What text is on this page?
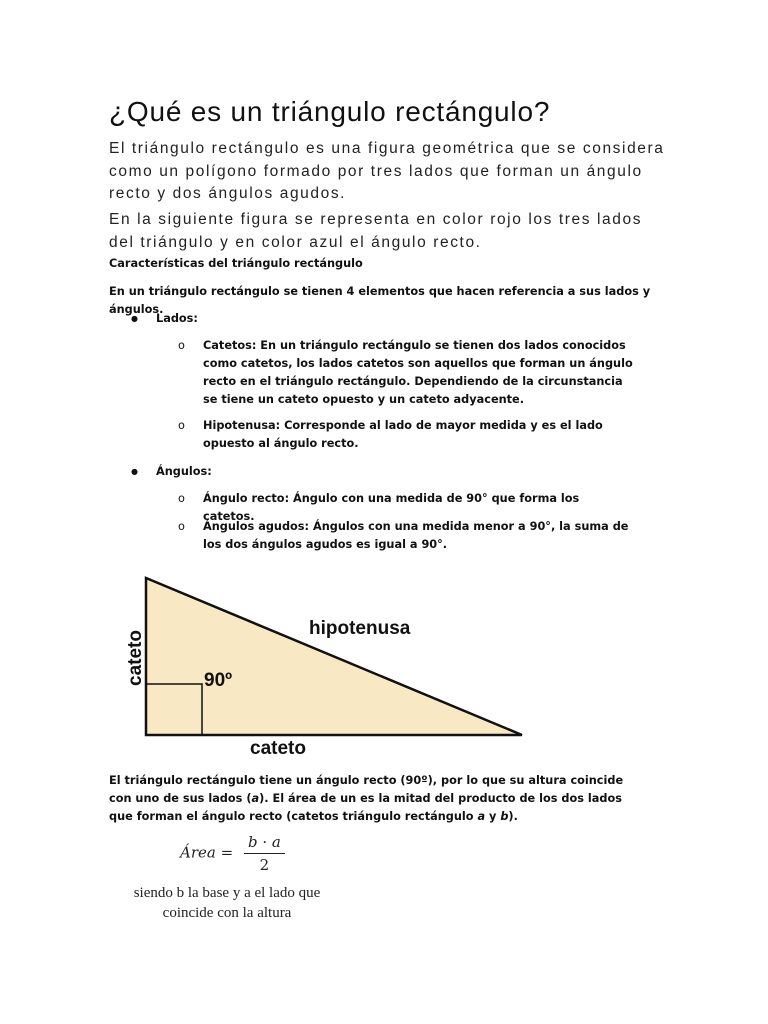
¿Qué es un triángulo rectángulo?

El triángulo rectángulo es una figura geométrica que se considera como un polígono formado por tres lados que forman un ángulo recto y dos ángulos agudos.

En la siguiente figura se representa en color rojo los tres lados del triángulo y en color azul el ángulo recto.

Características del triángulo rectángulo
En un triángulo rectángulo se tienen 4 elementos que hacen referencia a sus lados y ángulos.
●	Lados:
o Catetos: En un triángulo rectángulo se tienen dos lados conocidos como catetos, los lados catetos son aquellos que forman un ángulo recto en el triángulo rectángulo. Dependiendo de la circunstancia se tiene un cateto opuesto y un cateto adyacente.
o Hipotenusa: Corresponde al lado de mayor medida y es el lado opuesto al ángulo recto.
●	Ángulos:
o Ángulo recto: Ángulo con una medida de 90° que forma los catetos.
o Ángulos agudos: Ángulos con una medida menor a 90°, la suma de los dos ángulos agudos es igual a 90°.
cateto	90º
hipotenusa
cateto
El triángulo rectángulo tiene un ángulo recto (90º), por lo que su altura coincide con uno de sus lados (a). El área de un es la mitad del producto de los dos lados que forman el ángulo recto (catetos triángulo rectángulo a y b).
Área = $\frac{b \cdot a}{2}$
siendo b la base y a el lado que
coincide con la altura
